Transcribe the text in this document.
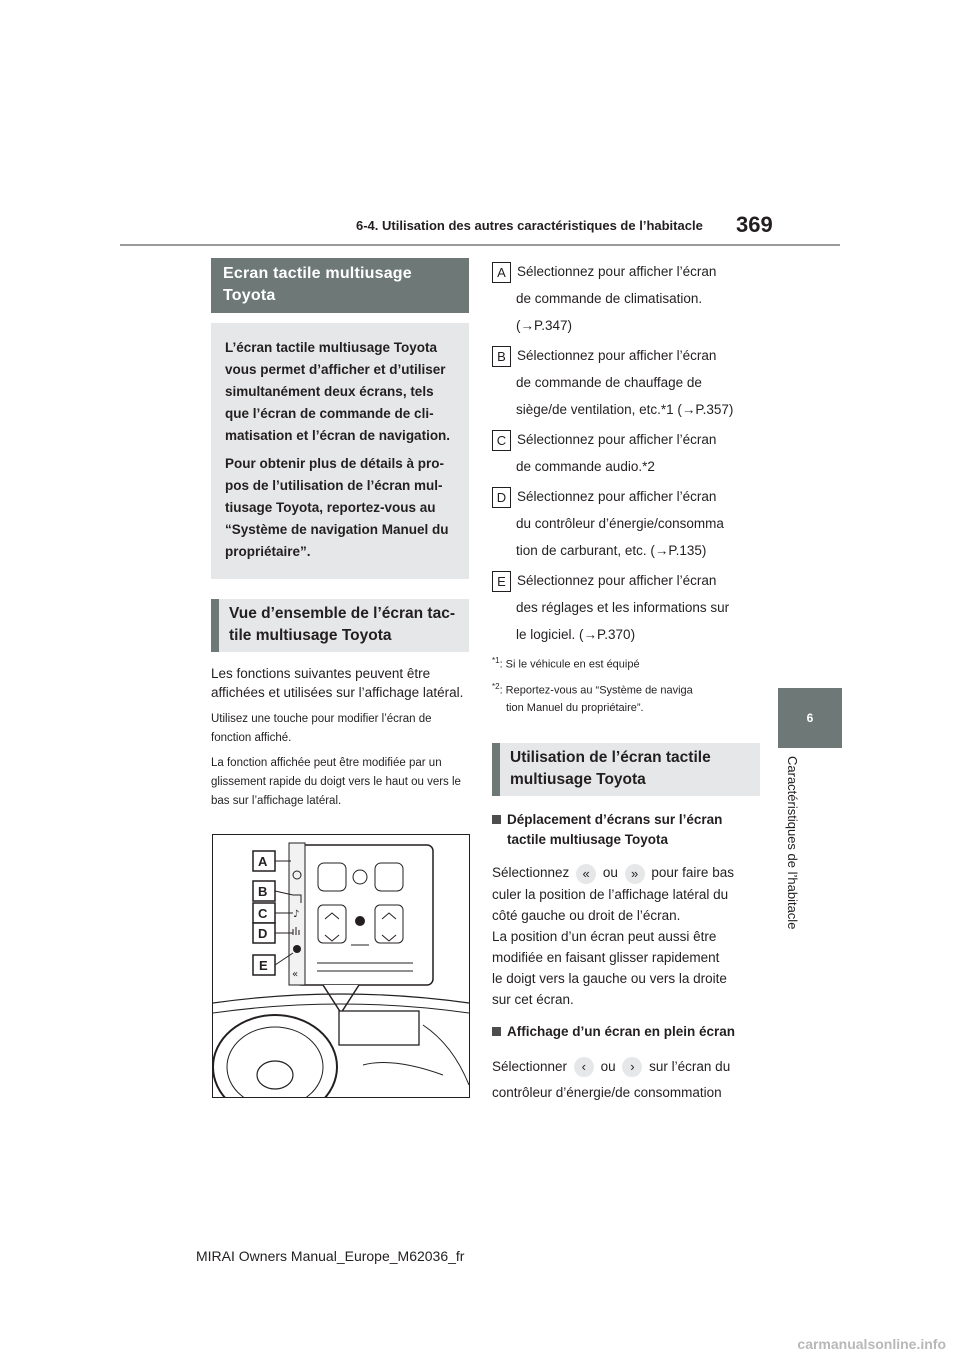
6-4. Utilisation des autres caractéristiques de l’habitacle 369
6
Caractéristiques de l’habitacle
Ecran tactile multiusage Toyota

L’écran tactile multiusage Toyota vous permet d’afficher et d’utiliser simultanément deux écrans, tels que l’écran de commande de climatisation et l’écran de navigation.

Pour obtenir plus de détails à propos de l’utilisation de l’écran multiusage Toyota, reportez-vous au “Système de navigation Manuel du propriétaire”.

Vue d’ensemble de l’écran tactile multiusage Toyota
Les fonctions suivantes peuvent être affichées et utilisées sur l’affichage latéral.
Utilisez une touche pour modifier l’écran de fonction affiché.
La fonction affichée peut être modifiée par un glissement rapide du doigt vers le haut ou vers le bas sur l’affichage latéral.
♪
«
A
B
C
D
E
A Sélectionnez pour afficher l’écran
de commande de climatisation.
(→P.347)
B Sélectionnez pour afficher l’écran
de commande de chauffage de
siège/de ventilation, etc.*1 (→P.357)
C Sélectionnez pour afficher l’écran
de commande audio.*2
D Sélectionnez pour afficher l’écran
du contrôleur d’énergie/consomma
tion de carburant, etc. (→P.135)
E Sélectionnez pour afficher l’écran
des réglages et les informations sur
le logiciel. (→P.370)
$^{*1}$: Si le véhicule en est équipé
$^{*2}$: Reportez-vous au “Système de naviga
tion Manuel du propriétaire”.
Utilisation de l’écran tactile multiusage Toyota
Déplacement d’écrans sur l’écran tactile multiusage Toyota
Sélectionnez « ou » pour faire bas
culer la position de l’affichage latéral du
côté gauche ou droit de l’écran.
La position d’un écran peut aussi être
modifiée en faisant glisser rapidement
le doigt vers la gauche ou vers la droite
sur cet écran.
Affichage d’un écran en plein écran
Sélectionner ‹ ou › sur l’écran du
contrôleur d’énergie/de consommation
MIRAI Owners Manual_Europe_M62036_fr
carmanualsonline.info
